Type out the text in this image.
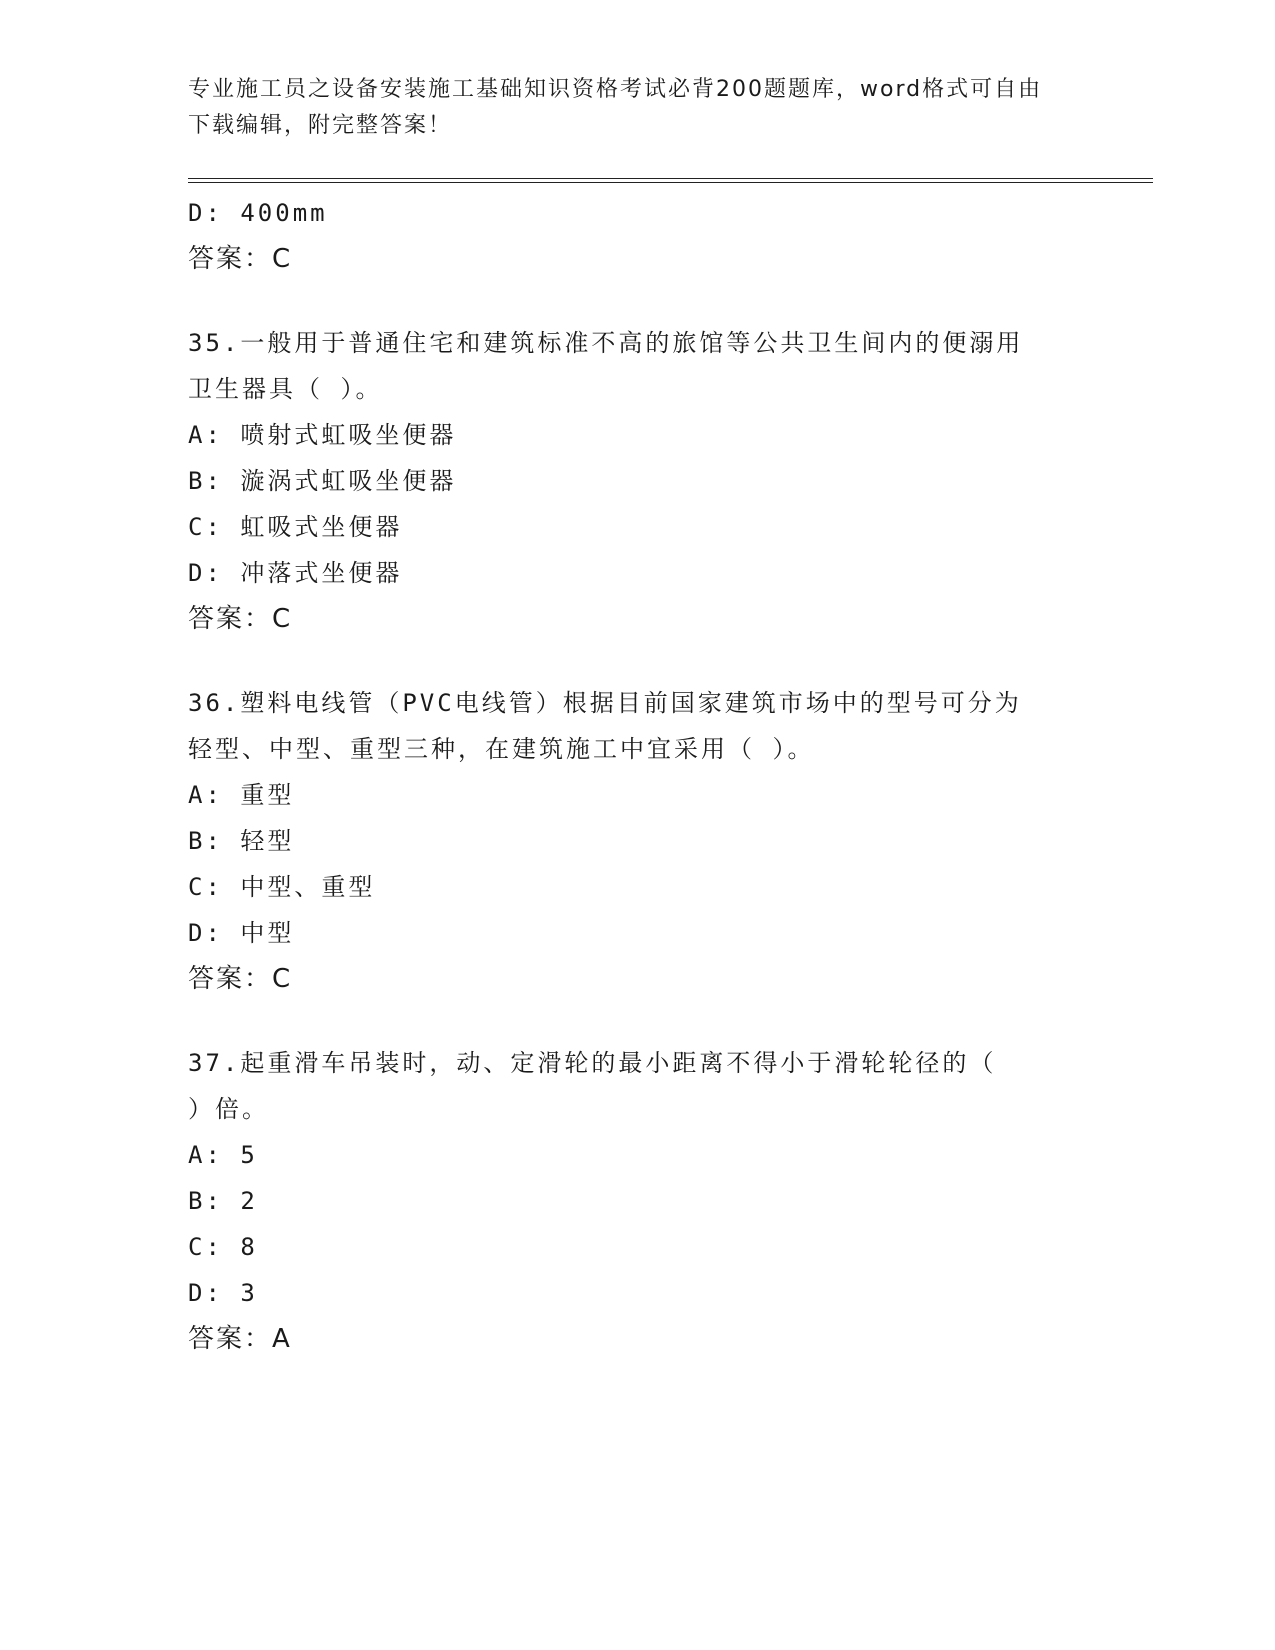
专业施工员之设备安装施工基础知识资格考试必背200题题库，word格式可自由
下载编辑，附完整答案！
D: 400mm
答案：C
35.一般用于普通住宅和建筑标准不高的旅馆等公共卫生间内的便溺用
卫生器具（ ）。
A: 喷射式虹吸坐便器
B: 漩涡式虹吸坐便器
C: 虹吸式坐便器
D: 冲落式坐便器
答案：C
36.塑料电线管（PVC电线管）根据目前国家建筑市场中的型号可分为
轻型、中型、重型三种，在建筑施工中宜采用（ ）。
A: 重型
B: 轻型
C: 中型、重型
D: 中型
答案：C
37.起重滑车吊装时，动、定滑轮的最小距离不得小于滑轮轮径的（
）倍。
A: 5
B: 2
C: 8
D: 3
答案：A
